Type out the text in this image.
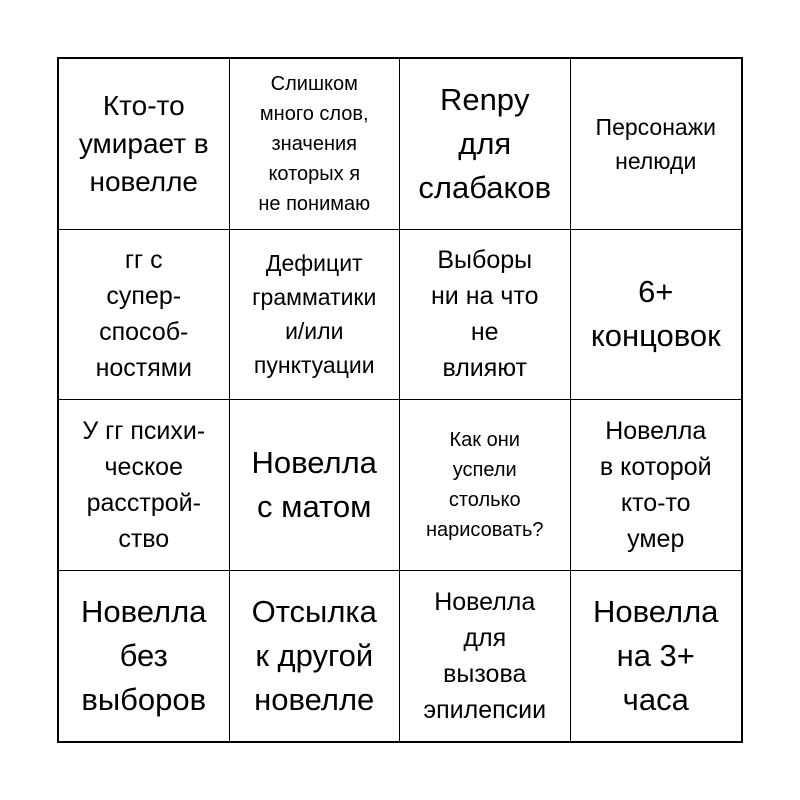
Кто-то
умирает в
новелле
Слишком
много слов,
значения
которых я
не понимаю
Renpy
для
слабаков
Персонажи
нелюди
гг с
супер-
способ-
ностями
Дефицит
грамматики
и/или
пунктуации
Выборы
ни на что
не
влияют
6+
концовок
У гг психи-
ческое
расстрой-
ство
Новелла
с матом
Как они
успели
столько
нарисовать?
Новелла
в которой
кто-то
умер
Новелла
без
выборов
Отсылка
к другой
новелле
Новелла
для
вызова
эпилепсии
Новелла
на 3+
часа
